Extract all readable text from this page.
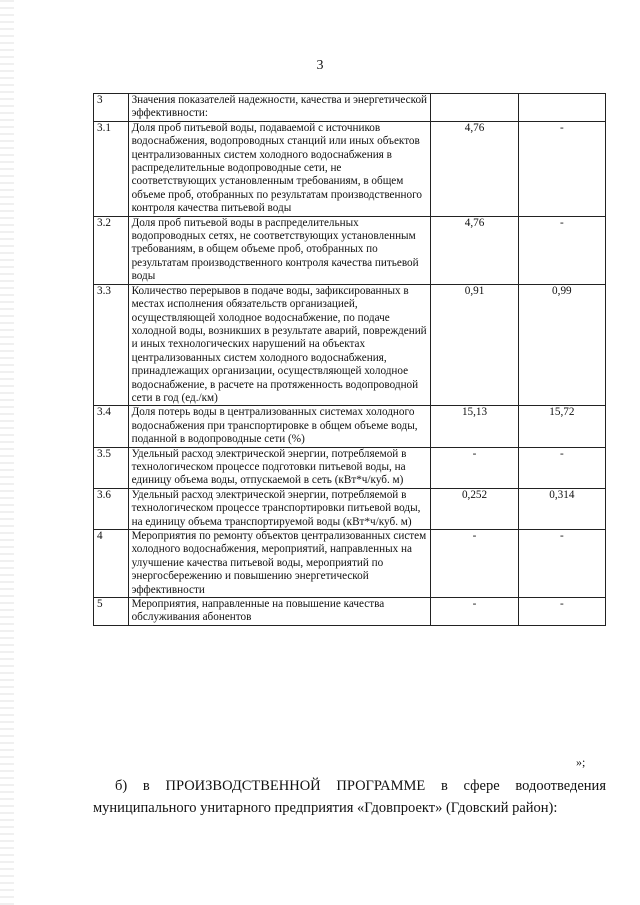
3
3	Значения показателей надежности, качества и энергетической эффективности:		
3.1	Доля проб питьевой воды, подаваемой с источников водоснабжения, водопроводных станций или иных объектов централизованных систем холодного водоснабжения в распределительные водопроводные сети, не соответствующих установленным требованиям, в общем объеме проб, отобранных по результатам производственного контроля качества питьевой воды	4,76	-
3.2	Доля проб питьевой воды в распределительных водопроводных сетях, не соответствующих установленным требованиям, в общем объеме проб, отобранных по результатам производственного контроля качества питьевой воды	4,76	-
3.3	Количество перерывов в подаче воды, зафиксированных в местах исполнения обязательств организацией, осуществляющей холодное водоснабжение, по подаче холодной воды, возникших в результате аварий, повреждений и иных технологических нарушений на объектах централизованных систем холодного водоснабжения, принадлежащих организации, осуществляющей холодное водоснабжение, в расчете на протяженность водопроводной сети в год (ед./км)	0,91	0,99
3.4	Доля потерь воды в централизованных системах холодного водоснабжения при транспортировке в общем объеме воды, поданной в водопроводные сети (%)	15,13	15,72
3.5	Удельный расход электрической энергии, потребляемой в технологическом процессе подготовки питьевой воды, на единицу объема воды, отпускаемой в сеть (кВт*ч/куб. м)	-	-
3.6	Удельный расход электрической энергии, потребляемой в технологическом процессе транспортировки питьевой воды, на единицу объема транспортируемой воды (кВт*ч/куб. м)	0,252	0,314
4	Мероприятия по ремонту объектов централизованных систем холодного водоснабжения, мероприятий, направленных на улучшение качества питьевой воды, мероприятий по энергосбережению и повышению энергетической эффективности	-	-
5	Мероприятия, направленные на повышение качества обслуживания абонентов	-	-
»;
б) в ПРОИЗВОДСТВЕННОЙ ПРОГРАММЕ в сфере водоотведения
муниципального унитарного предприятия «Гдовпроект» (Гдовский район):
